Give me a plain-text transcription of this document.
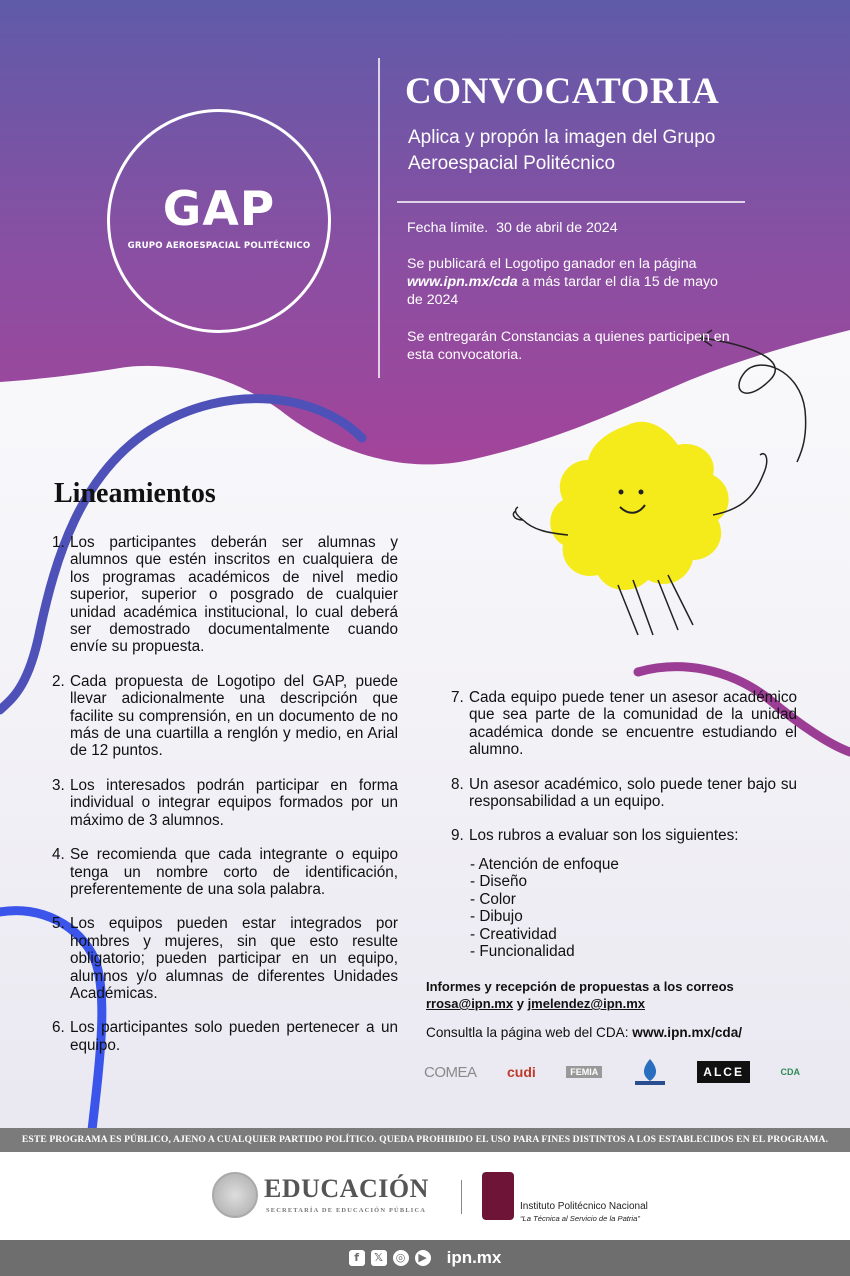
GAP
GRUPO AEROESPACIAL POLITÉCNICO
CONVOCATORIA
Aplica y propón la imagen del Grupo Aeroespacial Politécnico
Fecha límite. 30 de abril de 2024
Se publicará el Logotipo ganador en la página www.ipn.mx/cda a más tardar el día 15 de mayo de 2024
Se entregarán Constancias a quienes participen en esta convocatoria.
Lineamientos
1. Los participantes deberán ser alumnas y alumnos que estén inscritos en cualquiera de los programas académicos de nivel medio superior, superior o posgrado de cualquier unidad académica institucional, lo cual deberá ser demostrado documentalmente cuando envíe su propuesta.
2. Cada propuesta de Logotipo del GAP, puede llevar adicionalmente una descripción que facilite su comprensión, en un documento de no más de una cuartilla a renglón y medio, en Arial de 12 puntos.
3. Los interesados podrán participar en forma individual o integrar equipos formados por un máximo de 3 alumnos.
4. Se recomienda que cada integrante o equipo tenga un nombre corto de identificación, preferentemente de una sola palabra.
5. Los equipos pueden estar integrados por hombres y mujeres, sin que esto resulte obligatorio; pueden participar en un equipo, alumnos y/o alumnas de diferentes Unidades Académicas.
6. Los participantes solo pueden pertenecer a un equipo.
7. Cada equipo puede tener un asesor académico que sea parte de la comunidad de la unidad académica donde se encuentre estudiando el alumno.
8. Un asesor académico, solo puede tener bajo su responsabilidad a un equipo.
9. Los rubros a evaluar son los siguientes:
- Atención de enfoque
- Diseño
- Color
- Dibujo
- Creatividad
- Funcionalidad
Informes y recepción de propuestas a los correos
rrosa@ipn.mx y jmelendez@ipn.mx
Consultla la página web del CDA: www.ipn.mx/cda/
COMEA cudi	FEMIA	ALCE	CDA
ESTE PROGRAMA ES PÚBLICO, AJENO A CUALQUIER PARTIDO POLÍTICO. QUEDA PROHIBIDO EL USO PARA FINES DISTINTOS A LOS ESTABLECIDOS EN EL PROGRAMA.
EDUCACIÓN
SECRETARÍA DE EDUCACIÓN PÚBLICA	Instituto Politécnico Nacional
“La Técnica al Servicio de la Patria”
f	𝕏	◎	▶ ipn.mx
